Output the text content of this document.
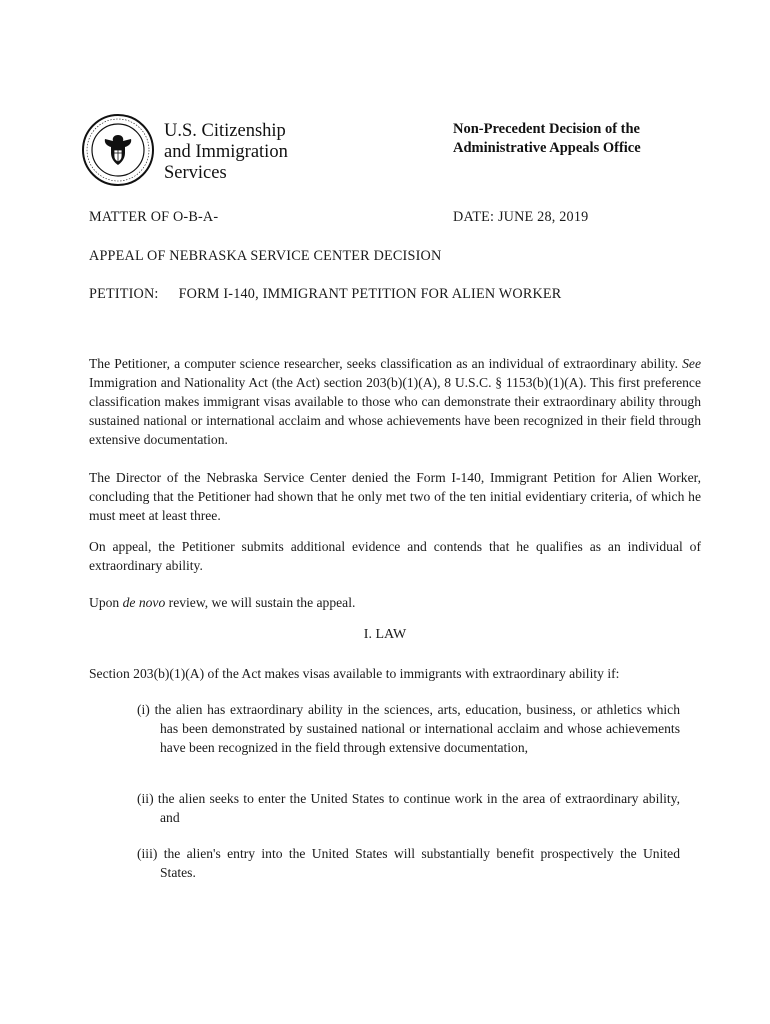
U.S. Citizenship
and Immigration
Services
Non-Precedent Decision of the
Administrative Appeals Office
MATTER OF O-B-A-	DATE: JUNE 28, 2019
APPEAL OF NEBRASKA SERVICE CENTER DECISION
PETITION: FORM I-140, IMMIGRANT PETITION FOR ALIEN WORKER

The Petitioner, a computer science researcher, seeks classification as an individual of extraordinary ability. See Immigration and Nationality Act (the Act) section 203(b)(1)(A), 8 U.S.C. § 1153(b)(1)(A). This first preference classification makes immigrant visas available to those who can demonstrate their extraordinary ability through sustained national or international acclaim and whose achievements have been recognized in their field through extensive documentation.

The Director of the Nebraska Service Center denied the Form I-140, Immigrant Petition for Alien Worker, concluding that the Petitioner had shown that he only met two of the ten initial evidentiary criteria, of which he must meet at least three.

On appeal, the Petitioner submits additional evidence and contends that he qualifies as an individual of extraordinary ability.

Upon de novo review, we will sustain the appeal.

I. LAW

Section 203(b)(1)(A) of the Act makes visas available to immigrants with extraordinary ability if:

(i) the alien has extraordinary ability in the sciences, arts, education, business, or athletics which has been demonstrated by sustained national or international acclaim and whose achievements have been recognized in the field through extensive documentation,

(ii) the alien seeks to enter the United States to continue work in the area of extraordinary ability, and

(iii) the alien's entry into the United States will substantially benefit prospectively the United States.
